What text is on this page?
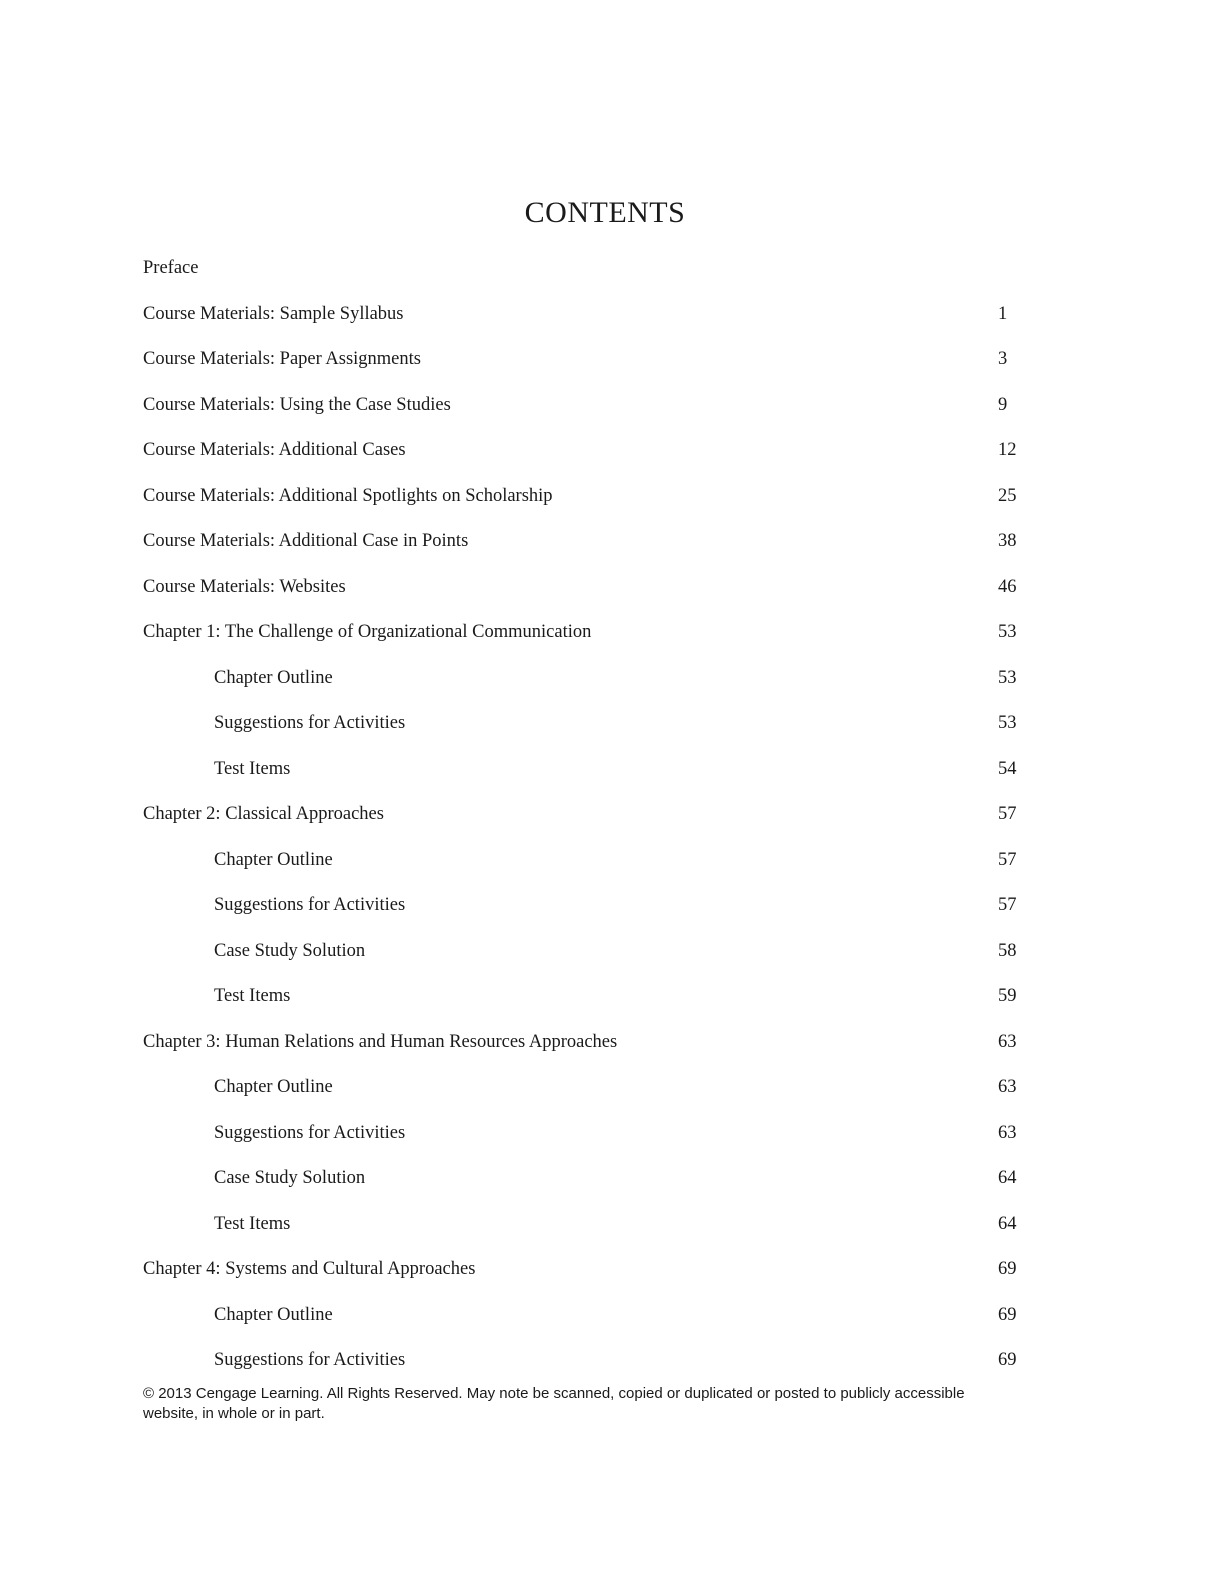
CONTENTS
Preface
Course Materials: Sample Syllabus	1
Course Materials: Paper Assignments	3
Course Materials: Using the Case Studies	9
Course Materials: Additional Cases	12
Course Materials: Additional Spotlights on Scholarship	25
Course Materials: Additional Case in Points	38
Course Materials: Websites	46
Chapter 1: The Challenge of Organizational Communication	53
Chapter Outline	53
Suggestions for Activities	53
Test Items	54
Chapter 2: Classical Approaches	57
Chapter Outline	57
Suggestions for Activities	57
Case Study Solution	58
Test Items	59
Chapter 3: Human Relations and Human Resources Approaches	63
Chapter Outline	63
Suggestions for Activities	63
Case Study Solution	64
Test Items	64
Chapter 4: Systems and Cultural Approaches	69
Chapter Outline	69
Suggestions for Activities	69
© 2013 Cengage Learning. All Rights Reserved. May note be scanned, copied or duplicated or posted to publicly accessible
website, in whole or in part.
